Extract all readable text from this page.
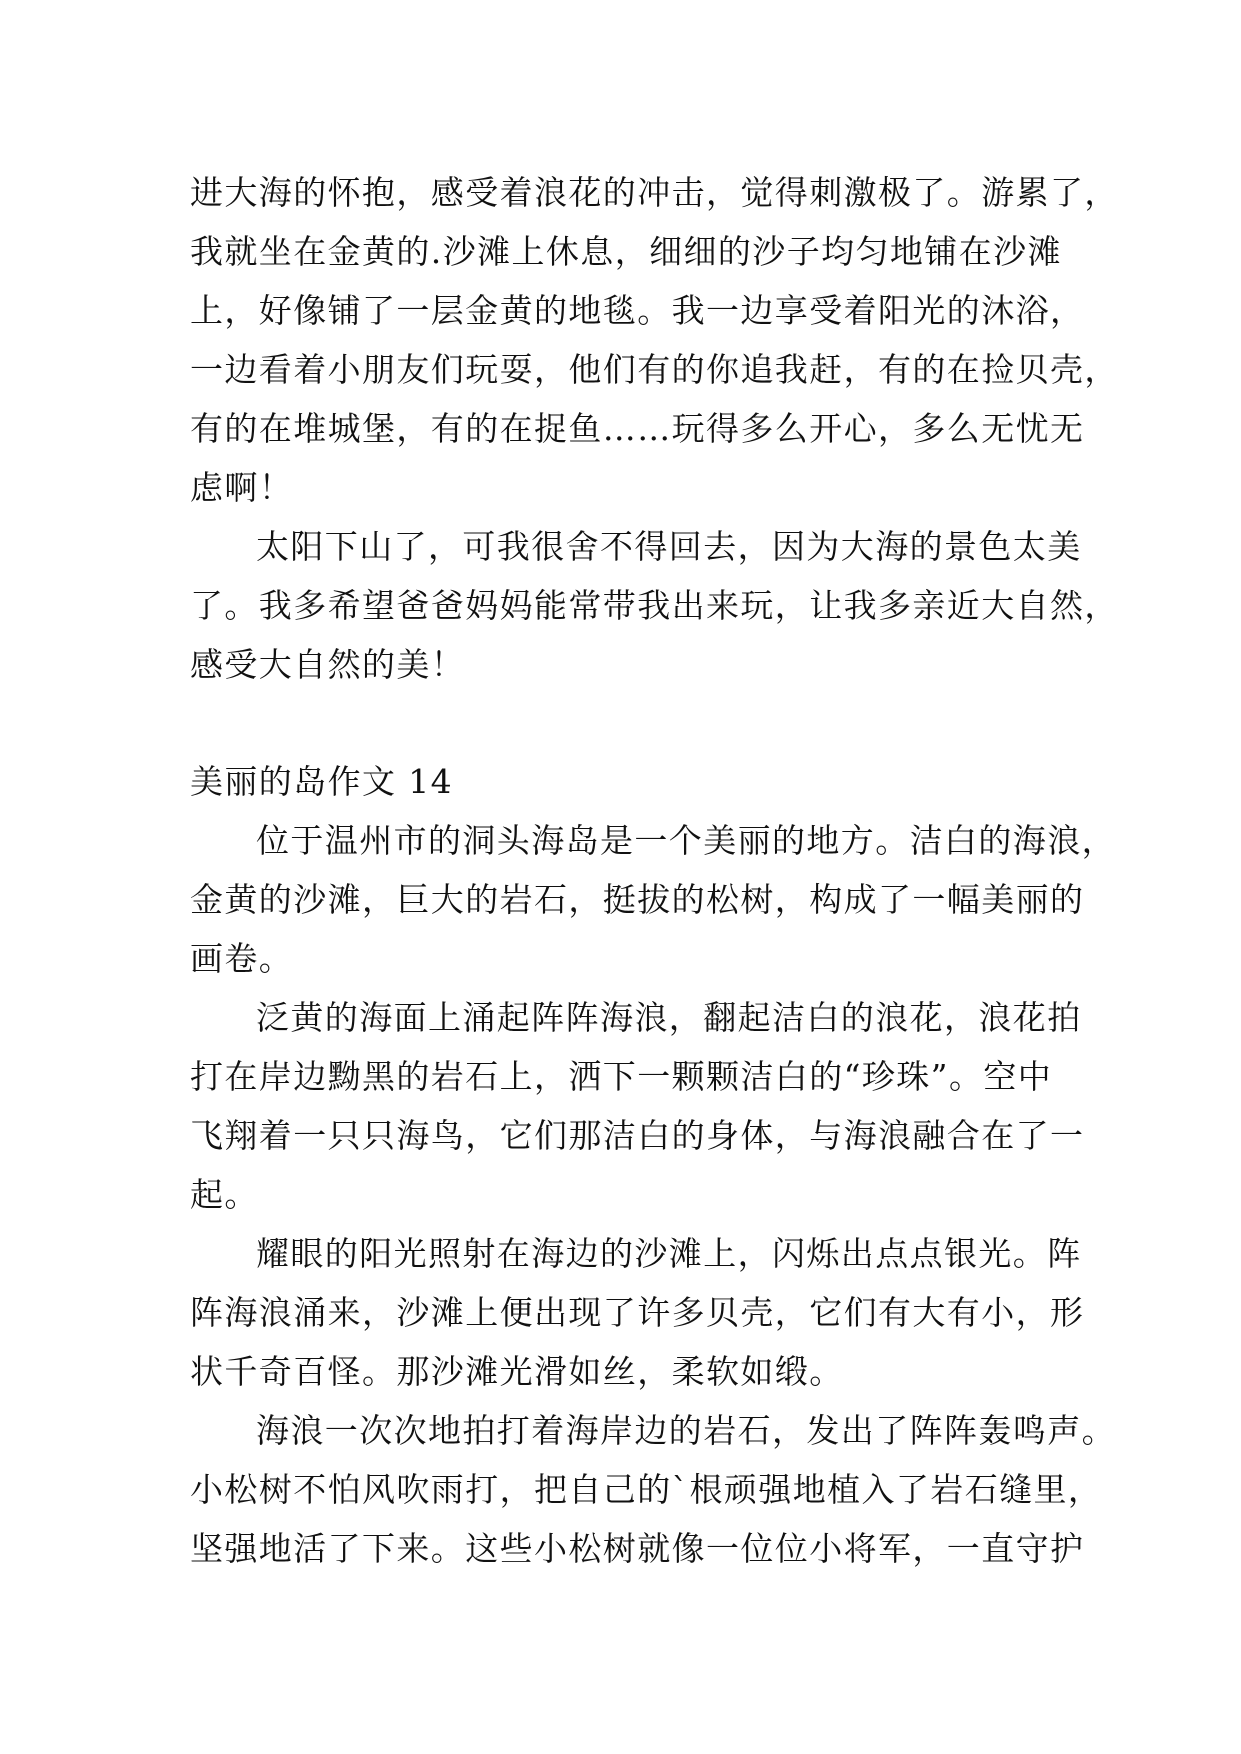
进大海的怀抱，感受着浪花的冲击，觉得刺激极了。游累了，
我就坐在金黄的.沙滩上休息，细细的沙子均匀地铺在沙滩
上，好像铺了一层金黄的地毯。我一边享受着阳光的沐浴，
一边看着小朋友们玩耍，他们有的你追我赶，有的在捡贝壳，
有的在堆城堡，有的在捉鱼……玩得多么开心，多么无忧无
虑啊！
太阳下山了，可我很舍不得回去，因为大海的景色太美
了。我多希望爸爸妈妈能常带我出来玩，让我多亲近大自然，
感受大自然的美！
美丽的岛作文 14
位于温州市的洞头海岛是一个美丽的地方。洁白的海浪，
金黄的沙滩，巨大的岩石，挺拔的松树，构成了一幅美丽的
画卷。
泛黄的海面上涌起阵阵海浪，翻起洁白的浪花，浪花拍
打在岸边黝黑的岩石上，洒下一颗颗洁白的“珍珠”。空中
飞翔着一只只海鸟，它们那洁白的身体，与海浪融合在了一
起。
耀眼的阳光照射在海边的沙滩上，闪烁出点点银光。阵
阵海浪涌来，沙滩上便出现了许多贝壳，它们有大有小，形
状千奇百怪。那沙滩光滑如丝，柔软如缎。
海浪一次次地拍打着海岸边的岩石，发出了阵阵轰鸣声。
小松树不怕风吹雨打，把自己的`根顽强地植入了岩石缝里，
坚强地活了下来。这些小松树就像一位位小将军，一直守护
